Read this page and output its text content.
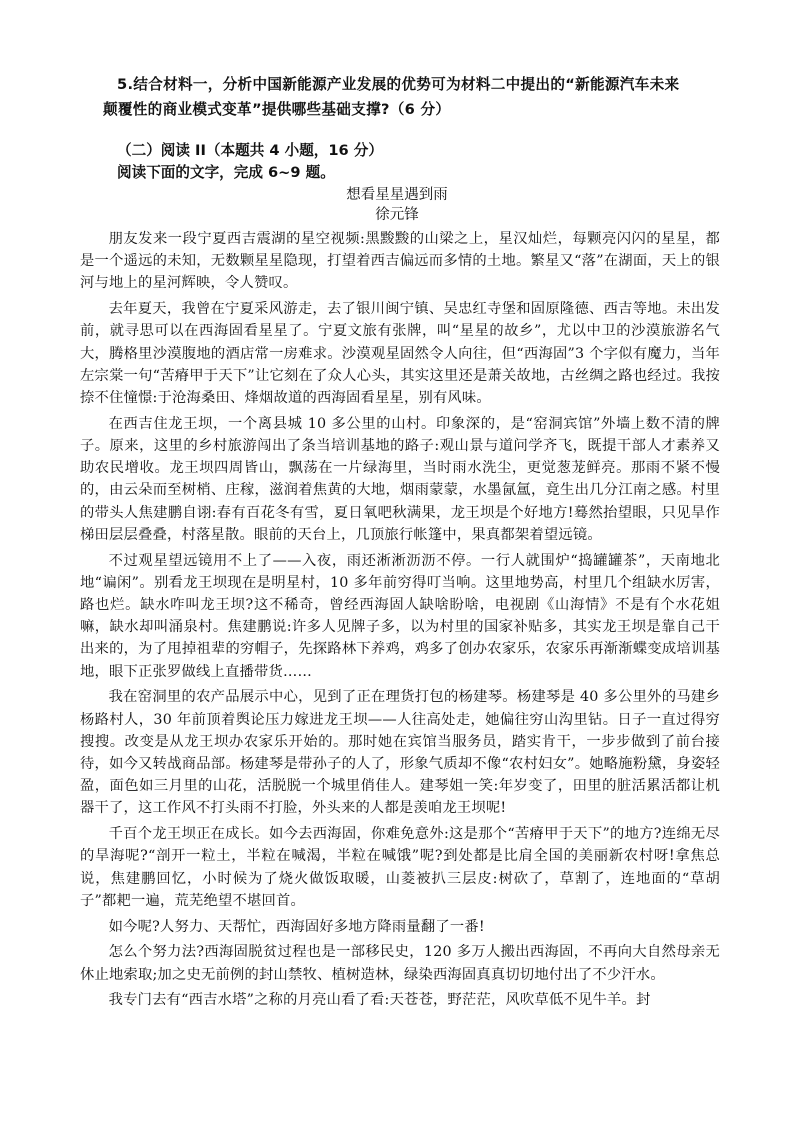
5.结合材料一，分析中国新能源产业发展的优势可为材料二中提出的“新能源汽车未来
颠覆性的商业模式变革”提供哪些基础支撑?（6 分）
（二）阅读 II（本题共 4 小题，16 分）
阅读下面的文字，完成 6~9 题。
想看星星遇到雨
徐元锋

朋友发来一段宁夏西吉震湖的星空视频:黑黢黢的山梁之上，星汉灿烂，每颗亮闪闪的星星，都是一个遥远的未知，无数颗星星隐现，打望着西吉偏远而多情的土地。繁星又“落”在湖面，天上的银河与地上的星河辉映，令人赞叹。

去年夏天，我曾在宁夏采风游走，去了银川闽宁镇、吴忠红寺堡和固原隆德、西吉等地。未出发前，就寻思可以在西海固看星星了。宁夏文旅有张牌，叫“星星的故乡”，尤以中卫的沙漠旅游名气大，腾格里沙漠腹地的酒店常一房难求。沙漠观星固然令人向往，但“西海固”3 个字似有魔力，当年左宗棠一句“苦瘠甲于天下”让它刻在了众人心头，其实这里还是萧关故地，古丝绸之路也经过。我按捺不住憧憬:于沧海桑田、烽烟故道的西海固看星星，别有风味。

在西吉住龙王坝，一个离县城 10 多公里的山村。印象深的，是“窑洞宾馆”外墙上数不清的牌子。原来，这里的乡村旅游闯出了条当培训基地的路子:观山景与道问学齐飞，既提干部人才素养又助农民增收。龙王坝四周皆山，飘荡在一片绿海里，当时雨水洗尘，更觉葱茏鲜亮。那雨不紧不慢的，由云朵而至树梢、庄稼，滋润着焦黄的大地，烟雨蒙蒙，水墨氤氲，竟生出几分江南之感。村里的带头人焦建鹏自诩:春有百花冬有雪，夏日氧吧秋满果，龙王坝是个好地方!蓦然抬望眼，只见旱作梯田层层叠叠，村落星散。眼前的天台上，几顶旅行帐篷中，果真都架着望远镜。

不过观星望远镜用不上了——入夜，雨还淅淅沥沥不停。一行人就围炉“捣罐罐茶”，天南地北地“谝闲”。别看龙王坝现在是明星村，10 多年前穷得叮当响。这里地势高，村里几个组缺水厉害，路也烂。缺水咋叫龙王坝?这不稀奇，曾经西海固人缺啥盼啥，电视剧《山海情》不是有个水花姐嘛，缺水却叫涌泉村。焦建鹏说:许多人见牌子多，以为村里的国家补贴多，其实龙王坝是靠自己干出来的，为了甩掉祖辈的穷帽子，先探路林下养鸡，鸡多了创办农家乐，农家乐再渐渐蝶变成培训基地，眼下正张罗做线上直播带货……

我在窑洞里的农产品展示中心，见到了正在理货打包的杨建琴。杨建琴是 40 多公里外的马建乡杨路村人，30 年前顶着舆论压力嫁进龙王坝——人往高处走，她偏往穷山沟里钻。日子一直过得穷搜搜。改变是从龙王坝办农家乐开始的。那时她在宾馆当服务员，踏实肯干，一步步做到了前台接待，如今又转战商品部。杨建琴是带孙子的人了，形象气质却不像“农村妇女”。她略施粉黛，身姿轻盈，面色如三月里的山花，活脱脱一个城里俏佳人。建琴姐一笑:年岁变了，田里的脏活累活都让机器干了，这工作风不打头雨不打脸，外头来的人都是羡咱龙王坝呢!

千百个龙王坝正在成长。如今去西海固，你难免意外:这是那个“苦瘠甲于天下”的地方?连绵无尽的旱海呢?“剖开一粒土，半粒在喊渴，半粒在喊饿”呢?到处都是比肩全国的美丽新农村呀!拿焦总说，焦建鹏回忆，小时候为了烧火做饭取暖，山菱被扒三层皮:树砍了，草割了，连地面的“草胡子”都耙一遍，荒芜绝望不堪回首。

如今呢?人努力、天帮忙，西海固好多地方降雨量翻了一番!

怎么个努力法?西海固脱贫过程也是一部移民史，120 多万人搬出西海固，不再向大自然母亲无休止地索取;加之史无前例的封山禁牧、植树造林，绿染西海固真真切切地付出了不少汗水。

我专门去有“西吉水塔”之称的月亮山看了看:天苍苍，野茫茫，风吹草低不见牛羊。封
